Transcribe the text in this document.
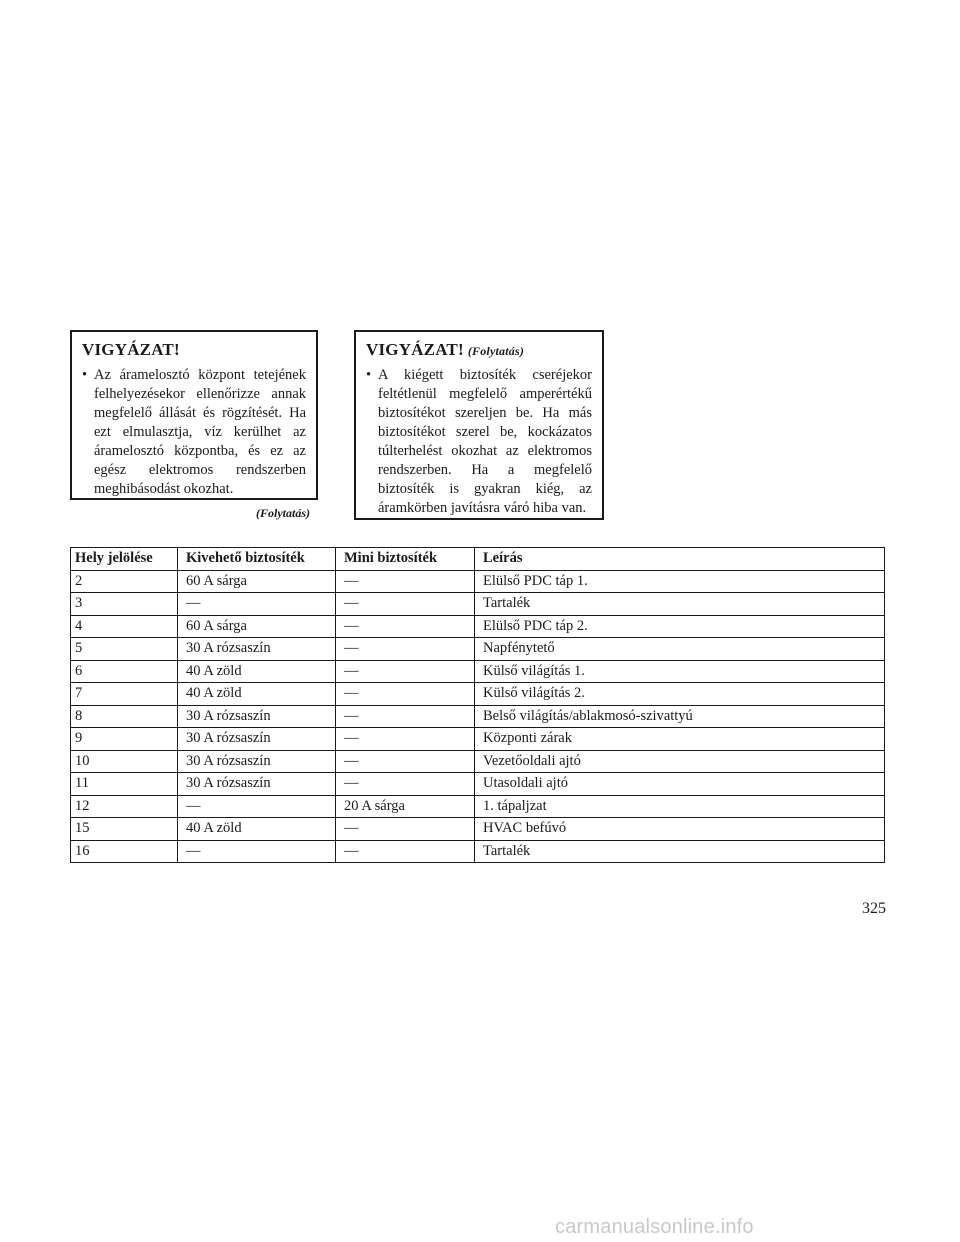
VIGYÁZAT!
• Az áramelosztó központ tetejének felhelyezésekor ellenőrizze annak megfelelő állását és rögzítését. Ha ezt elmulasztja, víz kerülhet az áramelosztó központba, és ez az egész elektromos rendszerben meghibásodást okozhat.
(Folytatás)
VIGYÁZAT! (Folytatás)
• A kiégett biztosíték cseréjekor feltétlenül megfelelő amperértékű biztosítékot szereljen be. Ha más biztosítékot szerel be, kockázatos túlterhelést okozhat az elektromos rendszerben. Ha a megfelelő biztosíték is gyakran kiég, az áramkörben javításra váró hiba van.
Hely jelölése	Kivehető biztosíték	Mini biztosíték	Leírás
2	60 A sárga	—	Elülső PDC táp 1.
3	—	—	Tartalék
4	60 A sárga	—	Elülső PDC táp 2.
5	30 A rózsaszín	—	Napfénytető
6	40 A zöld	—	Külső világítás 1.
7	40 A zöld	—	Külső világítás 2.
8	30 A rózsaszín	—	Belső világítás/ablakmosó-szivattyú
9	30 A rózsaszín	—	Központi zárak
10	30 A rózsaszín	—	Vezetőoldali ajtó
11	30 A rózsaszín	—	Utasoldali ajtó
12	—	20 A sárga	1. tápaljzat
15	40 A zöld	—	HVAC befúvó
16	—	—	Tartalék
325
carmanualsonline.info
